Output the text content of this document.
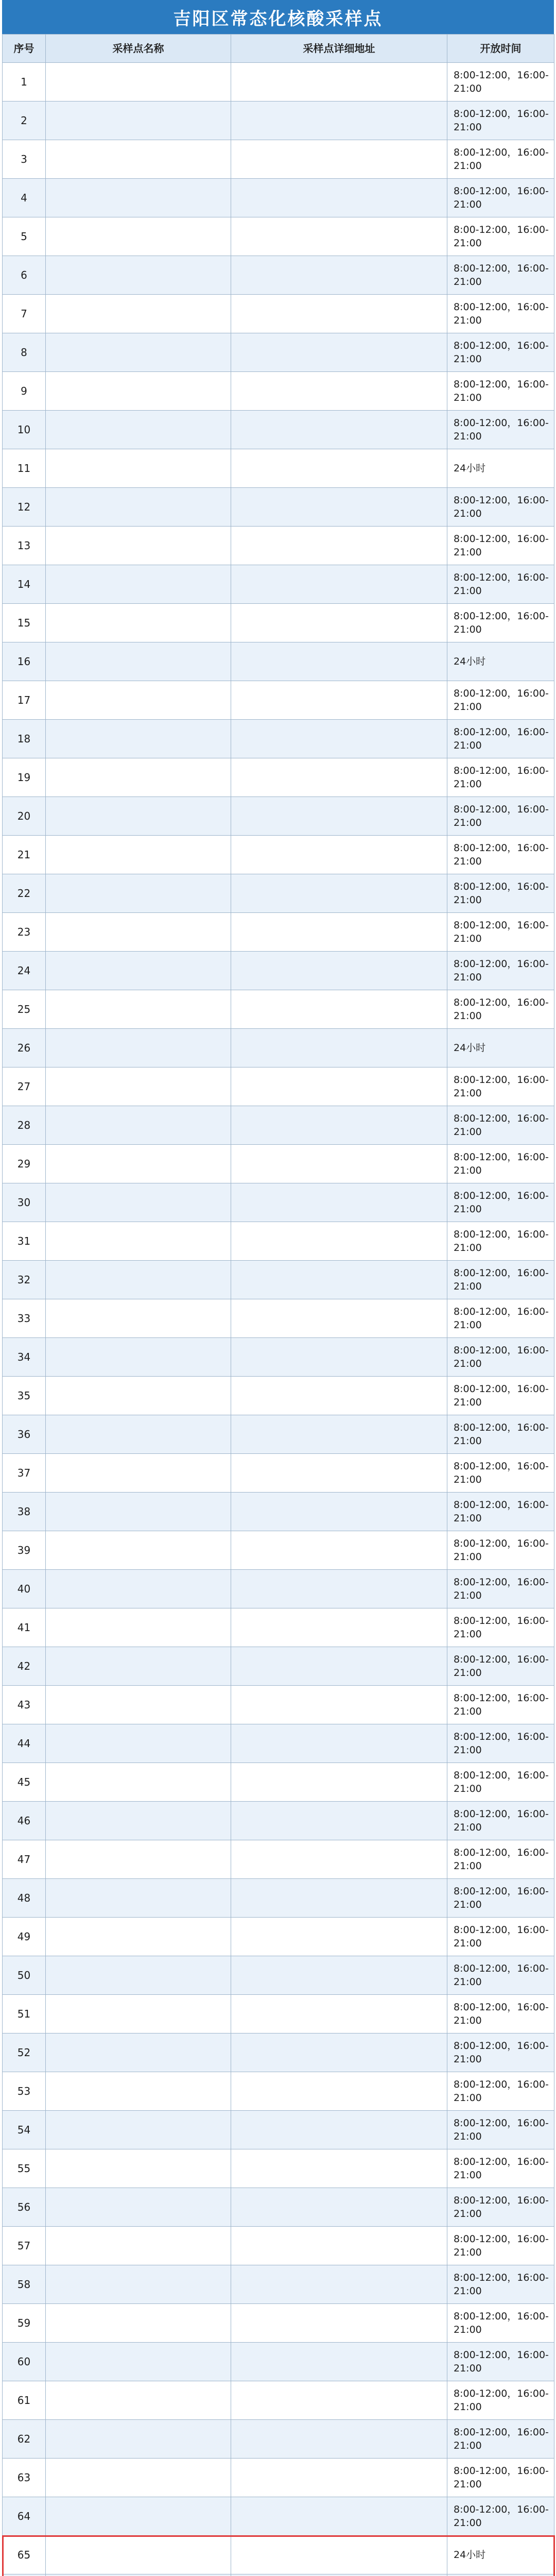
吉阳区常态化核酸采样点
序号	采样点名称	采样点详细地址	开放时间
1			8:00-12:00，16:00-21:00
2			8:00-12:00，16:00-21:00
3			8:00-12:00，16:00-21:00
4			8:00-12:00，16:00-21:00
5			8:00-12:00，16:00-21:00
6			8:00-12:00，16:00-21:00
7			8:00-12:00，16:00-21:00
8			8:00-12:00，16:00-21:00
9			8:00-12:00，16:00-21:00
10			8:00-12:00，16:00-21:00
11			24小时
12			8:00-12:00，16:00-21:00
13			8:00-12:00，16:00-21:00
14			8:00-12:00，16:00-21:00
15			8:00-12:00，16:00-21:00
16			24小时
17			8:00-12:00，16:00-21:00
18			8:00-12:00，16:00-21:00
19			8:00-12:00，16:00-21:00
20			8:00-12:00，16:00-21:00
21			8:00-12:00，16:00-21:00
22			8:00-12:00，16:00-21:00
23			8:00-12:00，16:00-21:00
24			8:00-12:00，16:00-21:00
25			8:00-12:00，16:00-21:00
26			24小时
27			8:00-12:00，16:00-21:00
28			8:00-12:00，16:00-21:00
29			8:00-12:00，16:00-21:00
30			8:00-12:00，16:00-21:00
31			8:00-12:00，16:00-21:00
32			8:00-12:00，16:00-21:00
33			8:00-12:00，16:00-21:00
34			8:00-12:00，16:00-21:00
35			8:00-12:00，16:00-21:00
36			8:00-12:00，16:00-21:00
37			8:00-12:00，16:00-21:00
38			8:00-12:00，16:00-21:00
39			8:00-12:00，16:00-21:00
40			8:00-12:00，16:00-21:00
41			8:00-12:00，16:00-21:00
42			8:00-12:00，16:00-21:00
43			8:00-12:00，16:00-21:00
44			8:00-12:00，16:00-21:00
45			8:00-12:00，16:00-21:00
46			8:00-12:00，16:00-21:00
47			8:00-12:00，16:00-21:00
48			8:00-12:00，16:00-21:00
49			8:00-12:00，16:00-21:00
50			8:00-12:00，16:00-21:00
51			8:00-12:00，16:00-21:00
52			8:00-12:00，16:00-21:00
53			8:00-12:00，16:00-21:00
54			8:00-12:00，16:00-21:00
55			8:00-12:00，16:00-21:00
56			8:00-12:00，16:00-21:00
57			8:00-12:00，16:00-21:00
58			8:00-12:00，16:00-21:00
59			8:00-12:00，16:00-21:00
60			8:00-12:00，16:00-21:00
61			8:00-12:00，16:00-21:00
62			8:00-12:00，16:00-21:00
63			8:00-12:00，16:00-21:00
64			8:00-12:00，16:00-21:00
65			24小时
